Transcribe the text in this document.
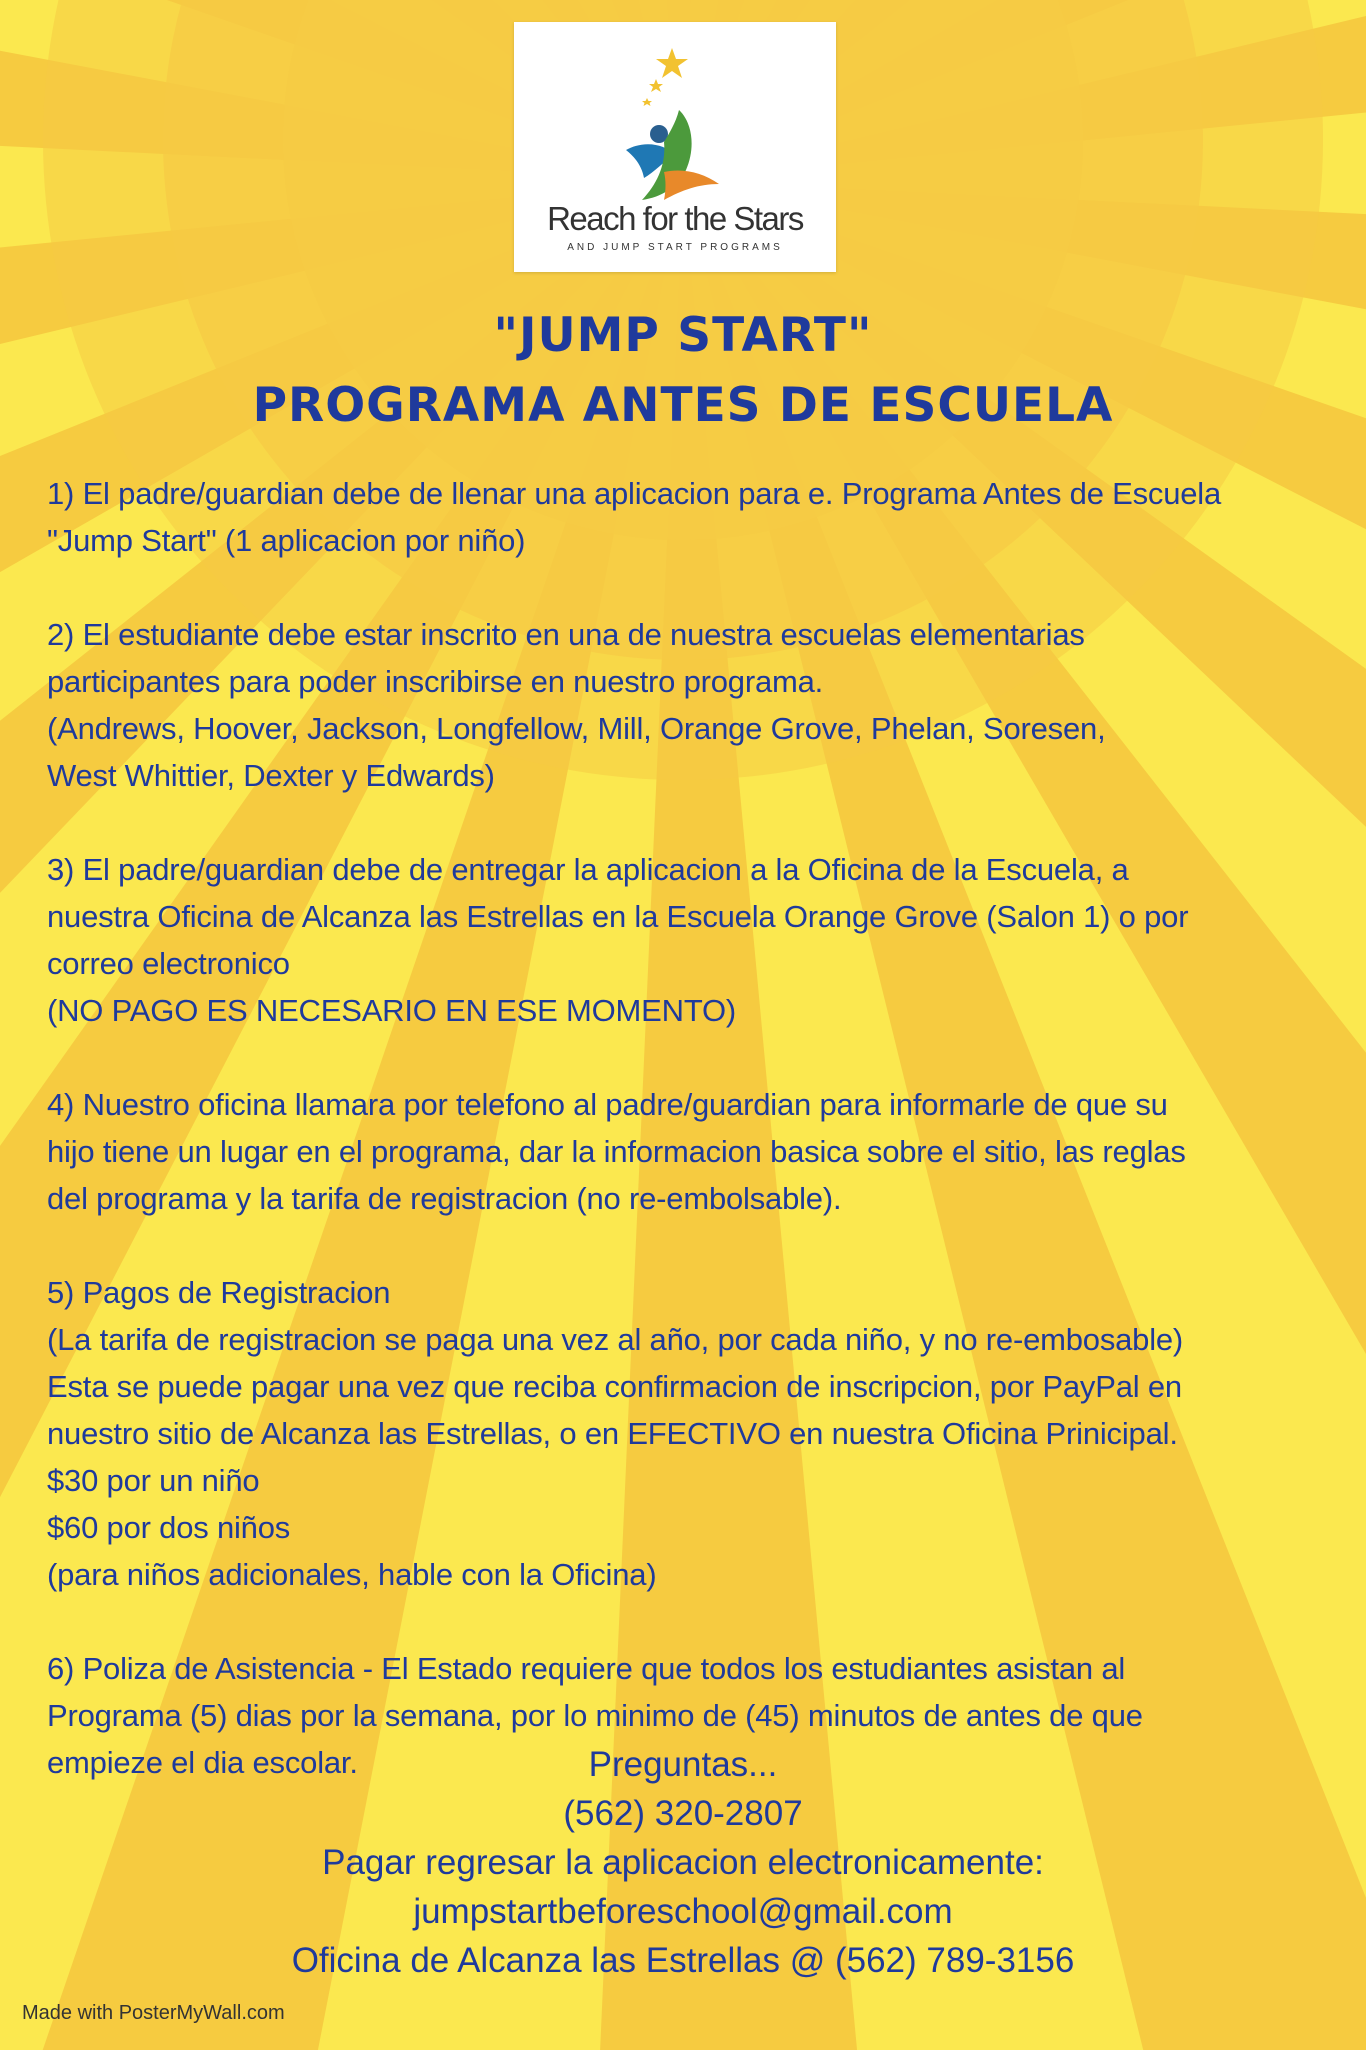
Reach for the Stars
AND JUMP START PROGRAMS
"JUMP START"
PROGRAMA ANTES DE ESCUELA

1) El padre/guardian debe de llenar una aplicacion para e. Programa Antes de Escuela
"Jump Start" (1 aplicacion por niño)

2) El estudiante debe estar inscrito en una de nuestra escuelas elementarias
participantes para poder inscribirse en nuestro programa.
(Andrews, Hoover, Jackson, Longfellow, Mill, Orange Grove, Phelan, Soresen,
West Whittier, Dexter y Edwards)

3) El padre/guardian debe de entregar la aplicacion a la Oficina de la Escuela, a
nuestra Oficina de Alcanza las Estrellas en la Escuela Orange Grove (Salon 1) o por
correo electronico
(NO PAGO ES NECESARIO EN ESE MOMENTO)

4) Nuestro oficina llamara por telefono al padre/guardian para informarle de que su
hijo tiene un lugar en el programa, dar la informacion basica sobre el sitio, las reglas
del programa y la tarifa de registracion (no re-embolsable).

5) Pagos de Registracion
(La tarifa de registracion se paga una vez al año, por cada niño, y no re-embosable)
Esta se puede pagar una vez que reciba confirmacion de inscripcion, por PayPal en
nuestro sitio de Alcanza las Estrellas, o en EFECTIVO en nuestra Oficina Prinicipal.
$30 por un niño
$60 por dos niños
(para niños adicionales, hable con la Oficina)

6) Poliza de Asistencia - El Estado requiere que todos los estudiantes asistan al
Programa (5) dias por la semana, por lo minimo de (45) minutos de antes de que
empieze el dia escolar.	Preguntas...
(562) 320-2807
Pagar regresar la aplicacion electronicamente:
jumpstartbeforeschool@gmail.com
Oficina de Alcanza las Estrellas @ (562) 789-3156
Made with PosterMyWall.com
